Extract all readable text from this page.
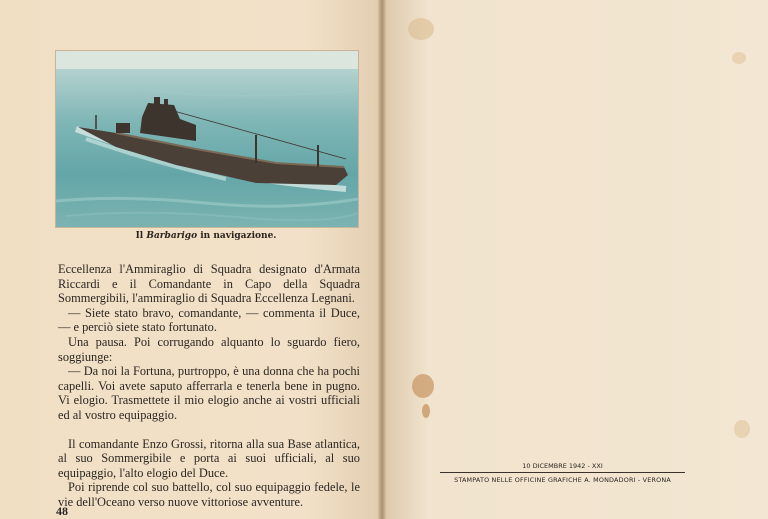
Il Barbarigo in navigazione.

Eccellenza l'Ammiraglio di Squadra designato d'Armata Riccardi e il Comandante in Capo della Squadra Sommergibili, l'ammiraglio di Squadra Eccellenza Legnani.

— Siete stato bravo, comandante, — commenta il Duce, — e perciò siete stato fortunato.

Una pausa. Poi corrugando alquanto lo sguardo fiero, soggiunge:

— Da noi la Fortuna, purtroppo, è una donna che ha pochi capelli. Voi avete saputo afferrarla e tenerla bene in pugno. Vi elogio. Trasmettete il mio elogio anche ai vostri ufficiali ed al vostro equipaggio.

Il comandante Enzo Grossi, ritorna alla sua Base atlantica, al suo Sommergibile e porta ai suoi ufficiali, al suo equipaggio, l'alto elogio del Duce.

Poi riprende col suo battello, col suo equipaggio fedele, le vie dell'Oceano verso nuove vittoriose avventure.

48
10 DICEMBRE 1942 - XXI
STAMPATO NELLE OFFICINE GRAFICHE A. MONDADORI - VERONA
